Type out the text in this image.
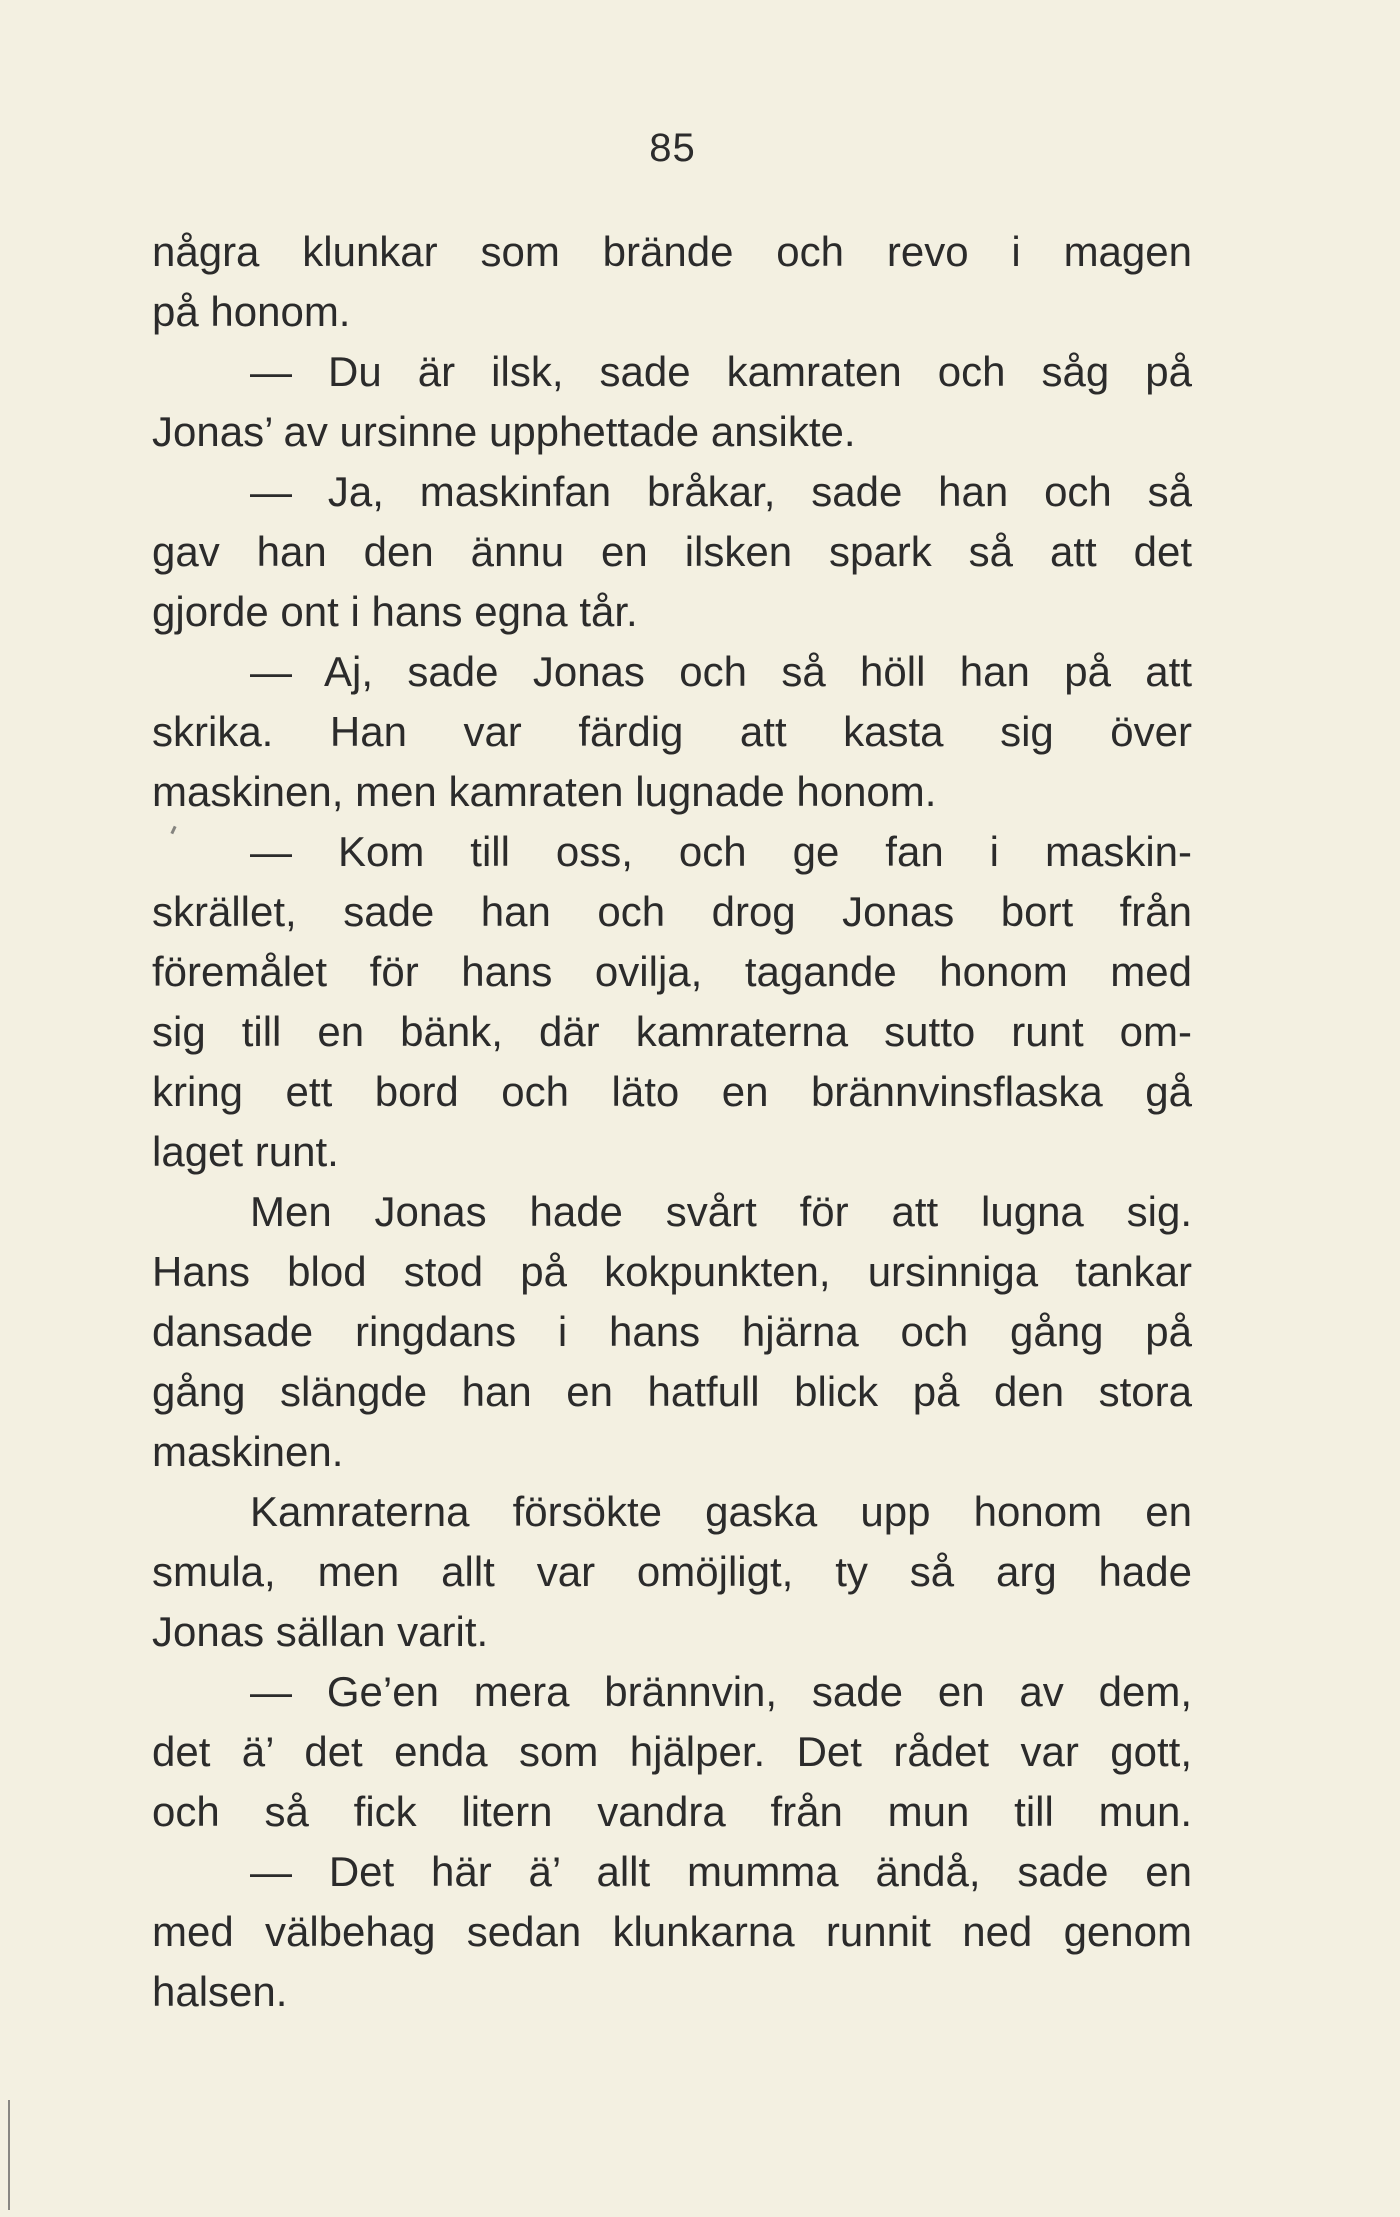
85
några klunkar som brände och revo i magen
på honom.
— Du är ilsk, sade kamraten och såg på
Jonas’ av ursinne upphettade ansikte.
— Ja, maskinfan bråkar, sade han och så
gav han den ännu en ilsken spark så att det
gjorde ont i hans egna tår.
— Aj, sade Jonas och så höll han på att
skrika. Han var färdig att kasta sig över
maskinen, men kamraten lugnade honom.
— Kom till oss, och ge fan i maskin-
skrället, sade han och drog Jonas bort från
föremålet för hans ovilja, tagande honom med
sig till en bänk, där kamraterna sutto runt om-
kring ett bord och läto en brännvinsflaska gå
laget runt.
Men Jonas hade svårt för att lugna sig.
Hans blod stod på kokpunkten, ursinniga tankar
dansade ringdans i hans hjärna och gång på
gång slängde han en hatfull blick på den stora
maskinen.
Kamraterna försökte gaska upp honom en
smula, men allt var omöjligt, ty så arg hade
Jonas sällan varit.
— Ge’en mera brännvin, sade en av dem,
det ä’ det enda som hjälper. Det rådet var gott,
och så fick litern vandra från mun till mun.
— Det här ä’ allt mumma ändå, sade en
med välbehag sedan klunkarna runnit ned genom
halsen.
